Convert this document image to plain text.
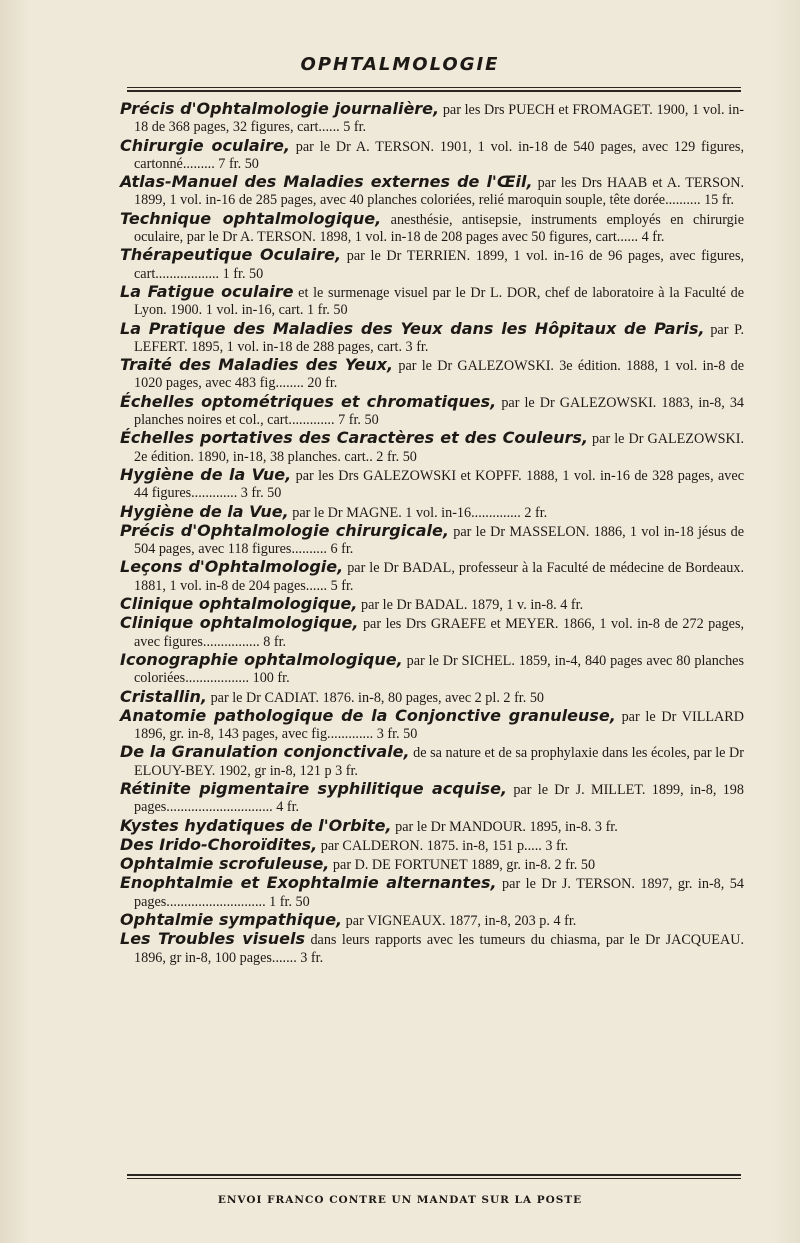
OPHTALMOLOGIE

Précis d'Ophtalmologie journalière, par les Drs PUECH et FROMAGET. 1900, 1 vol. in-18 de 368 pages, 32 figures, cart...... 5 fr.

Chirurgie oculaire, par le Dr A. TERSON. 1901, 1 vol. in-18 de 540 pages, avec 129 figures, cartonné......... 7 fr. 50

Atlas-Manuel des Maladies externes de l'Œil, par les Drs HAAB et A. TERSON. 1899, 1 vol. in-16 de 285 pages, avec 40 planches coloriées, relié maroquin souple, tête dorée.......... 15 fr.

Technique ophtalmologique, anesthésie, antisepsie, instruments employés en chirurgie oculaire, par le Dr A. TERSON. 1898, 1 vol. in-18 de 208 pages avec 50 figures, cart...... 4 fr.

Thérapeutique Oculaire, par le Dr TERRIEN. 1899, 1 vol. in-16 de 96 pages, avec figures, cart.................. 1 fr. 50

La Fatigue oculaire et le surmenage visuel par le Dr L. DOR, chef de laboratoire à la Faculté de Lyon. 1900. 1 vol. in-16, cart. 1 fr. 50

La Pratique des Maladies des Yeux dans les Hôpitaux de Paris, par P. LEFERT. 1895, 1 vol. in-18 de 288 pages, cart. 3 fr.

Traité des Maladies des Yeux, par le Dr GALEZOWSKI. 3e édition. 1888, 1 vol. in-8 de 1020 pages, avec 483 fig........ 20 fr.

Échelles optométriques et chromatiques, par le Dr GALEZOWSKI. 1883, in-8, 34 planches noires et col., cart............. 7 fr. 50

Échelles portatives des Caractères et des Couleurs, par le Dr GALEZOWSKI. 2e édition. 1890, in-18, 38 planches. cart.. 2 fr. 50

Hygiène de la Vue, par les Drs GALEZOWSKI et KOPFF. 1888, 1 vol. in-16 de 328 pages, avec 44 figures............. 3 fr. 50

Hygiène de la Vue, par le Dr MAGNE. 1 vol. in-16.............. 2 fr.

Précis d'Ophtalmologie chirurgicale, par le Dr MASSELON. 1886, 1 vol in-18 jésus de 504 pages, avec 118 figures.......... 6 fr.

Leçons d'Ophtalmologie, par le Dr BADAL, professeur à la Faculté de médecine de Bordeaux. 1881, 1 vol. in-8 de 204 pages...... 5 fr.

Clinique ophtalmologique, par le Dr BADAL. 1879, 1 v. in-8. 4 fr.

Clinique ophtalmologique, par les Drs GRAEFE et MEYER. 1866, 1 vol. in-8 de 272 pages, avec figures................ 8 fr.

Iconographie ophtalmologique, par le Dr SICHEL. 1859, in-4, 840 pages avec 80 planches coloriées.................. 100 fr.

Cristallin, par le Dr CADIAT. 1876. in-8, 80 pages, avec 2 pl. 2 fr. 50

Anatomie pathologique de la Conjonctive granuleuse, par le Dr VILLARD 1896, gr. in-8, 143 pages, avec fig............. 3 fr. 50

De la Granulation conjonctivale, de sa nature et de sa prophylaxie dans les écoles, par le Dr ELOUY-BEY. 1902, gr in-8, 121 p 3 fr.

Rétinite pigmentaire syphilitique acquise, par le Dr J. MILLET. 1899, in-8, 198 pages.............................. 4 fr.

Kystes hydatiques de l'Orbite, par le Dr MANDOUR. 1895, in-8. 3 fr.

Des Irido-Choroïdites, par CALDERON. 1875. in-8, 151 p..... 3 fr.

Ophtalmie scrofuleuse, par D. DE FORTUNET 1889, gr. in-8. 2 fr. 50

Enophtalmie et Exophtalmie alternantes, par le Dr J. TERSON. 1897, gr. in-8, 54 pages............................ 1 fr. 50

Ophtalmie sympathique, par VIGNEAUX. 1877, in-8, 203 p. 4 fr.

Les Troubles visuels dans leurs rapports avec les tumeurs du chiasma, par le Dr JACQUEAU. 1896, gr in-8, 100 pages....... 3 fr.

ENVOI FRANCO CONTRE UN MANDAT SUR LA POSTE
